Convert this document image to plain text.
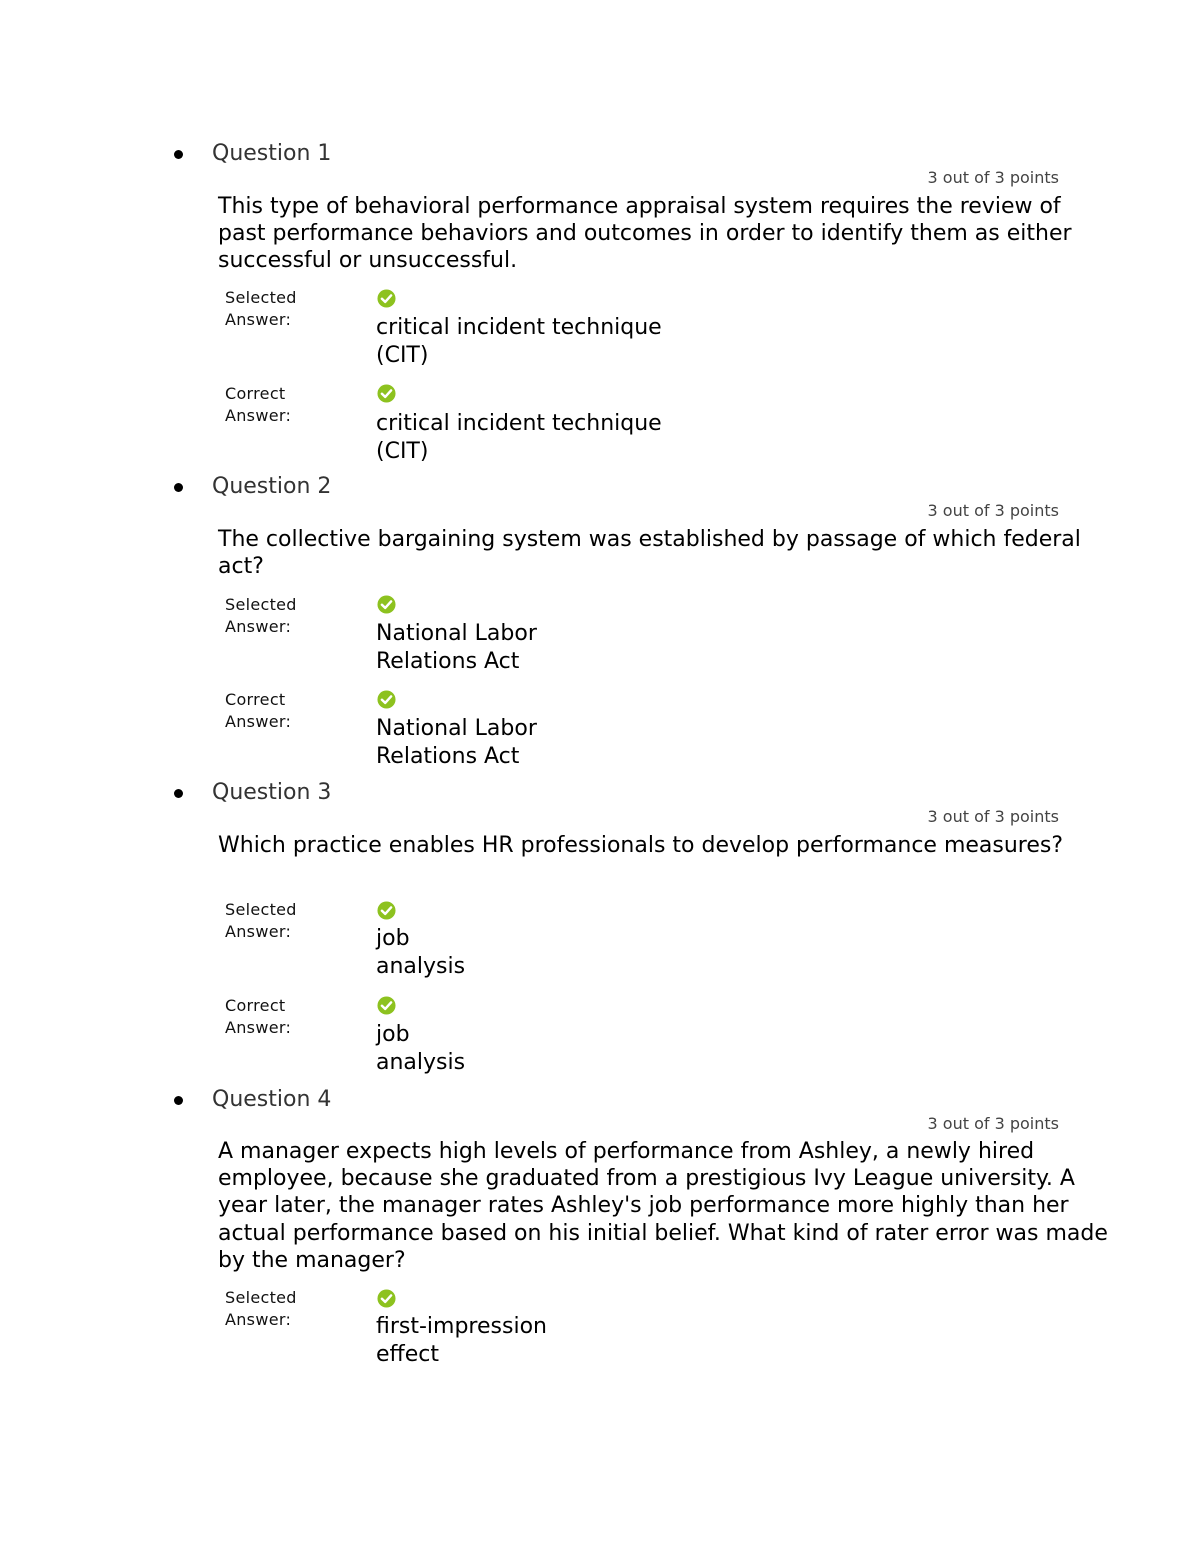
Question 1
3 out of 3 points
This type of behavioral performance appraisal system requires the review of past performance behaviors and outcomes in order to identify them as either successful or unsuccessful.
Selected Answer:	critical incident technique (CIT)
Correct Answer:	critical incident technique (CIT)
Question 2
3 out of 3 points
The collective bargaining system was established by passage of which federal act?
Selected Answer:	National Labor Relations Act
Correct Answer:	National Labor Relations Act
Question 3
3 out of 3 points
Which practice enables HR professionals to develop performance measures?
Selected Answer:	job analysis
Correct Answer:	job analysis
Question 4
3 out of 3 points
A manager expects high levels of performance from Ashley, a newly hired employee, because she graduated from a prestigious Ivy League university. A year later, the manager rates Ashley's job performance more highly than her actual performance based on his initial belief. What kind of rater error was made by the manager?
Selected Answer:	first-impression effect
